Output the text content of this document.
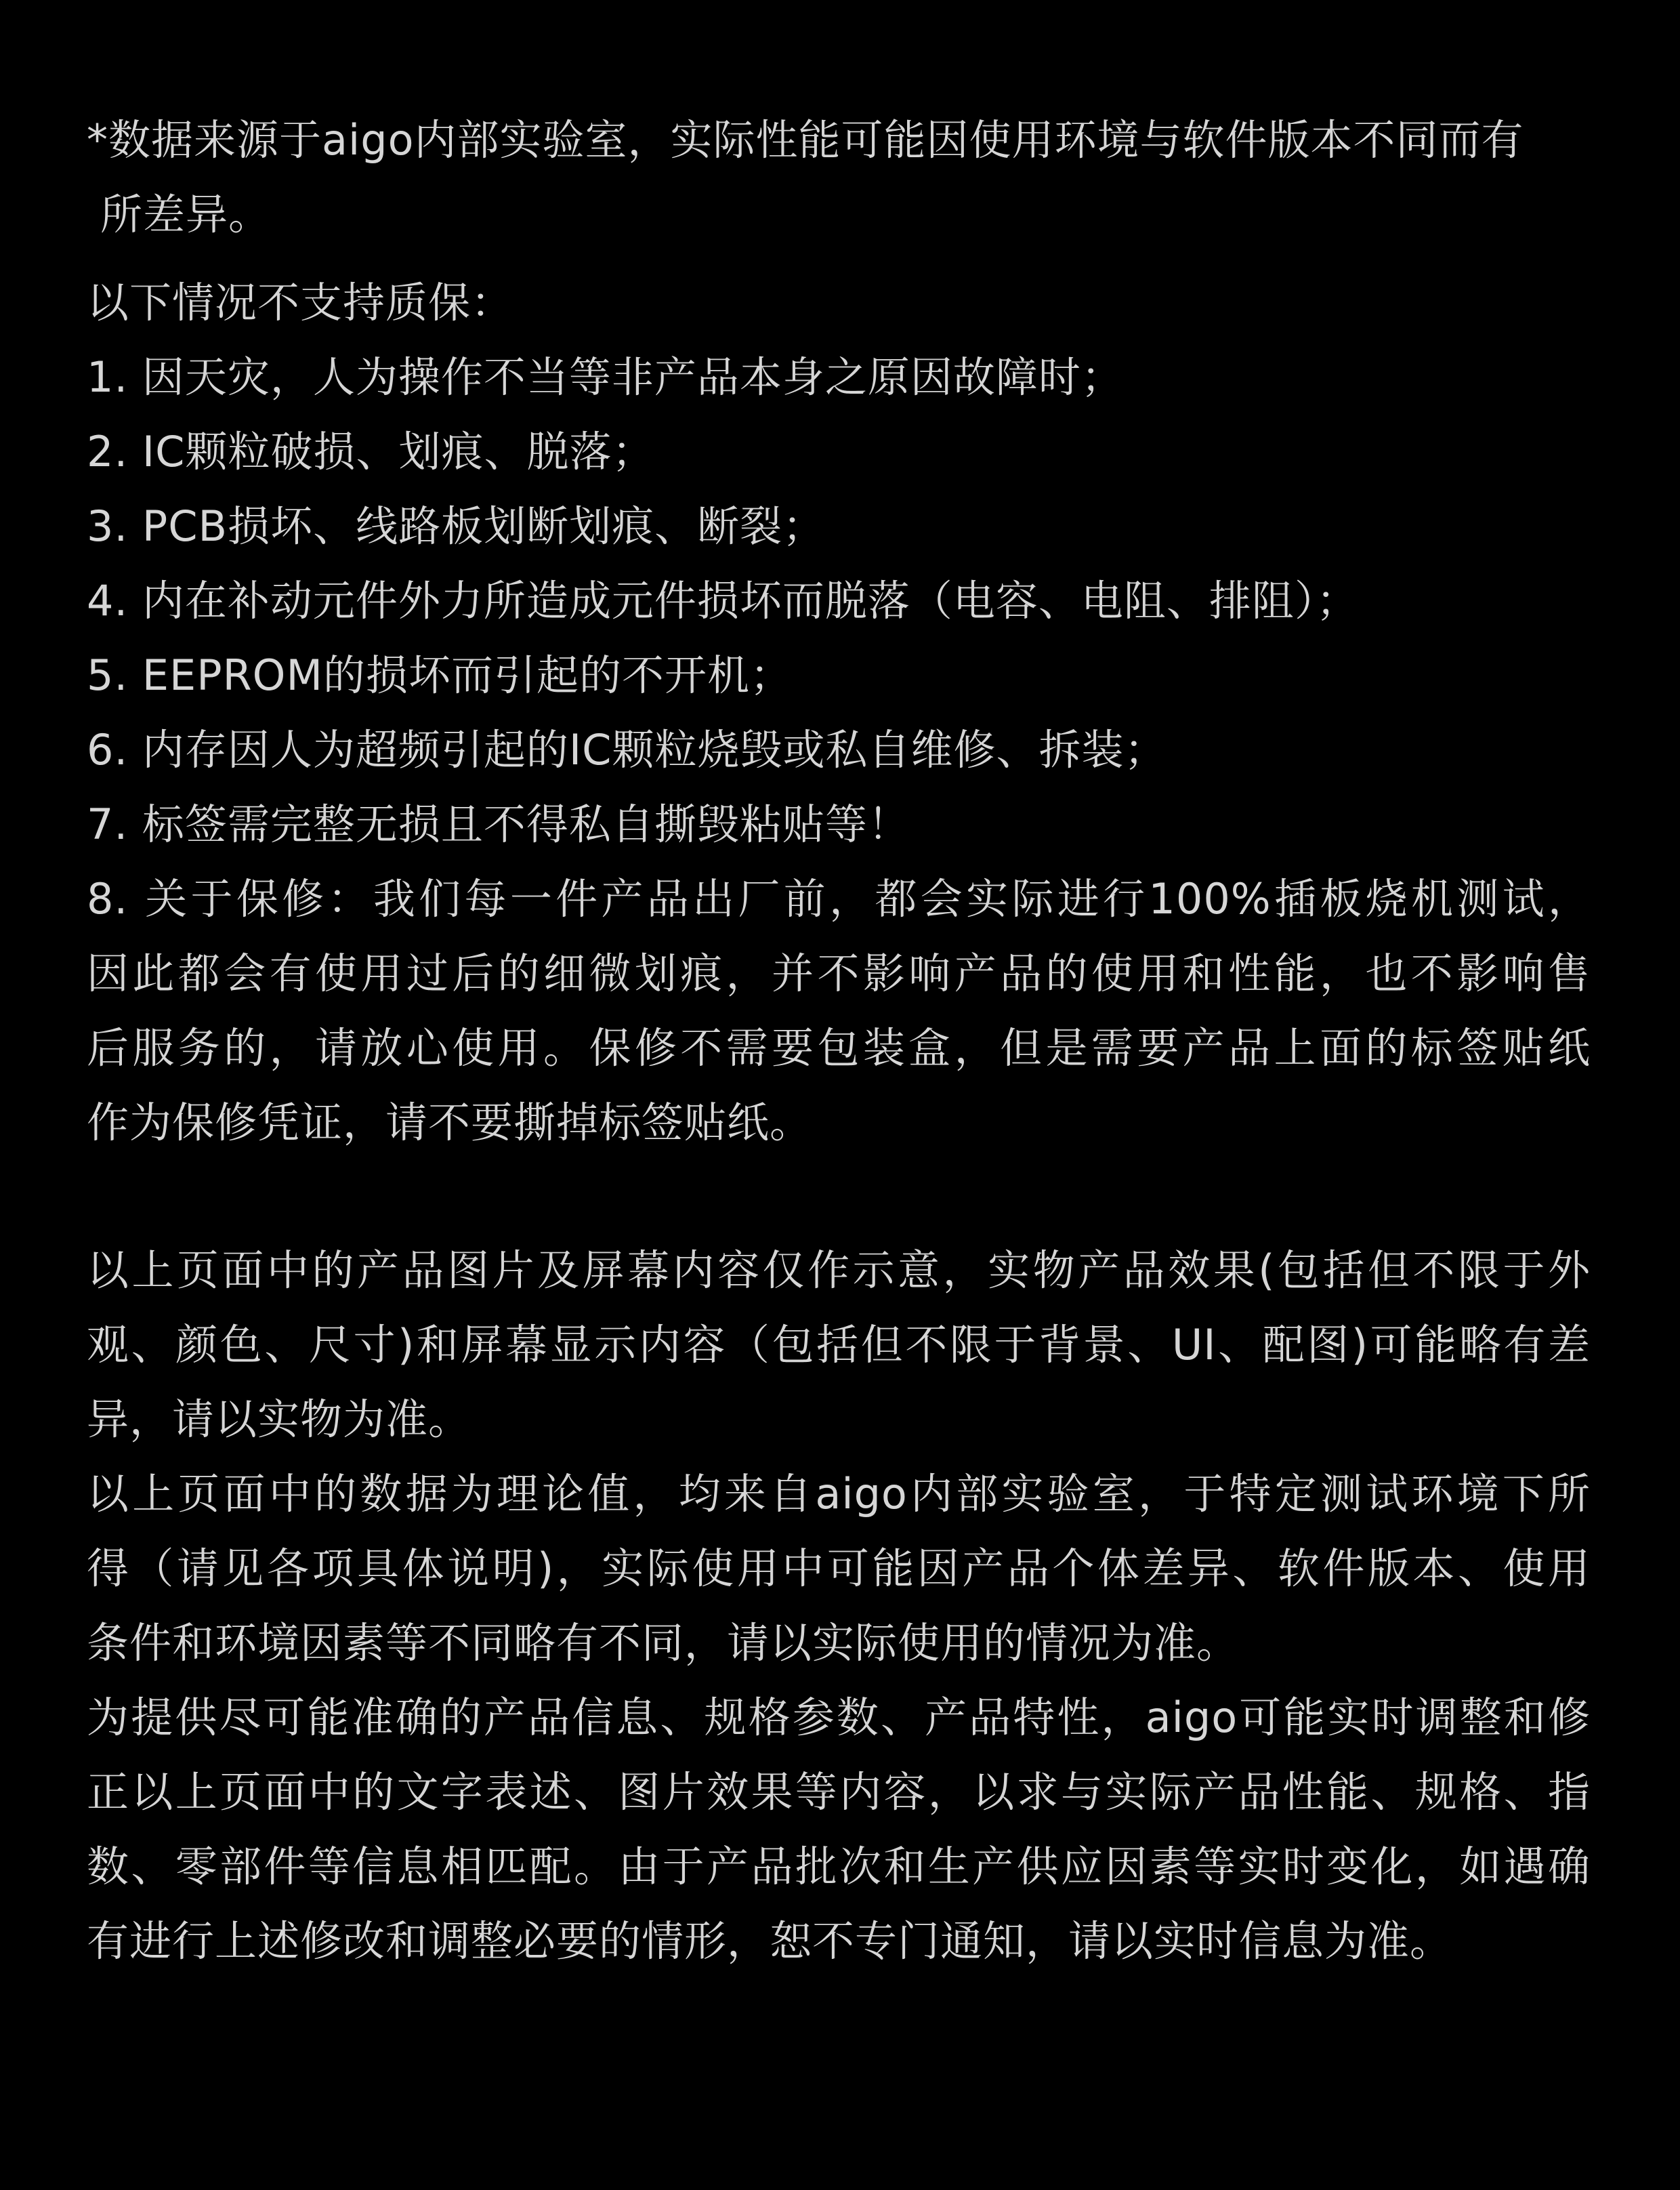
*数据来源于aigo内部实验室，实际性能可能因使用环境与软件版本不同而有
所差异。
以下情况不支持质保：
1. 因天灾，人为操作不当等非产品本身之原因故障时；
2. IC颗粒破损、划痕、脱落；
3. PCB损坏、线路板划断划痕、断裂；
4. 内在补动元件外力所造成元件损坏而脱落（电容、电阻、排阻）；
5. EEPROM的损坏而引起的不开机；
6. 内存因人为超频引起的IC颗粒烧毁或私自维修、拆装；
7. 标签需完整无损且不得私自撕毁粘贴等！
8. 关于保修：我们每一件产品出厂前，都会实际进行100%插板烧机测试，
因此都会有使用过后的细微划痕，并不影响产品的使用和性能，也不影响售
后服务的，请放心使用。保修不需要包装盒，但是需要产品上面的标签贴纸
作为保修凭证，请不要撕掉标签贴纸。
以上页面中的产品图片及屏幕内容仅作示意，实物产品效果(包括但不限于外
观、颜色、尺寸)和屏幕显示内容（包括但不限于背景、UI、配图)可能略有差
异，请以实物为准。
以上页面中的数据为理论值，均来自aigo内部实验室，于特定测试环境下所
得（请见各项具体说明)，实际使用中可能因产品个体差异、软件版本、使用
条件和环境因素等不同略有不同，请以实际使用的情况为准。
为提供尽可能准确的产品信息、规格参数、产品特性，aigo可能实时调整和修
正以上页面中的文字表述、图片效果等内容，以求与实际产品性能、规格、指
数、零部件等信息相匹配。由于产品批次和生产供应因素等实时变化，如遇确
有进行上述修改和调整必要的情形，恕不专门通知，请以实时信息为准。
